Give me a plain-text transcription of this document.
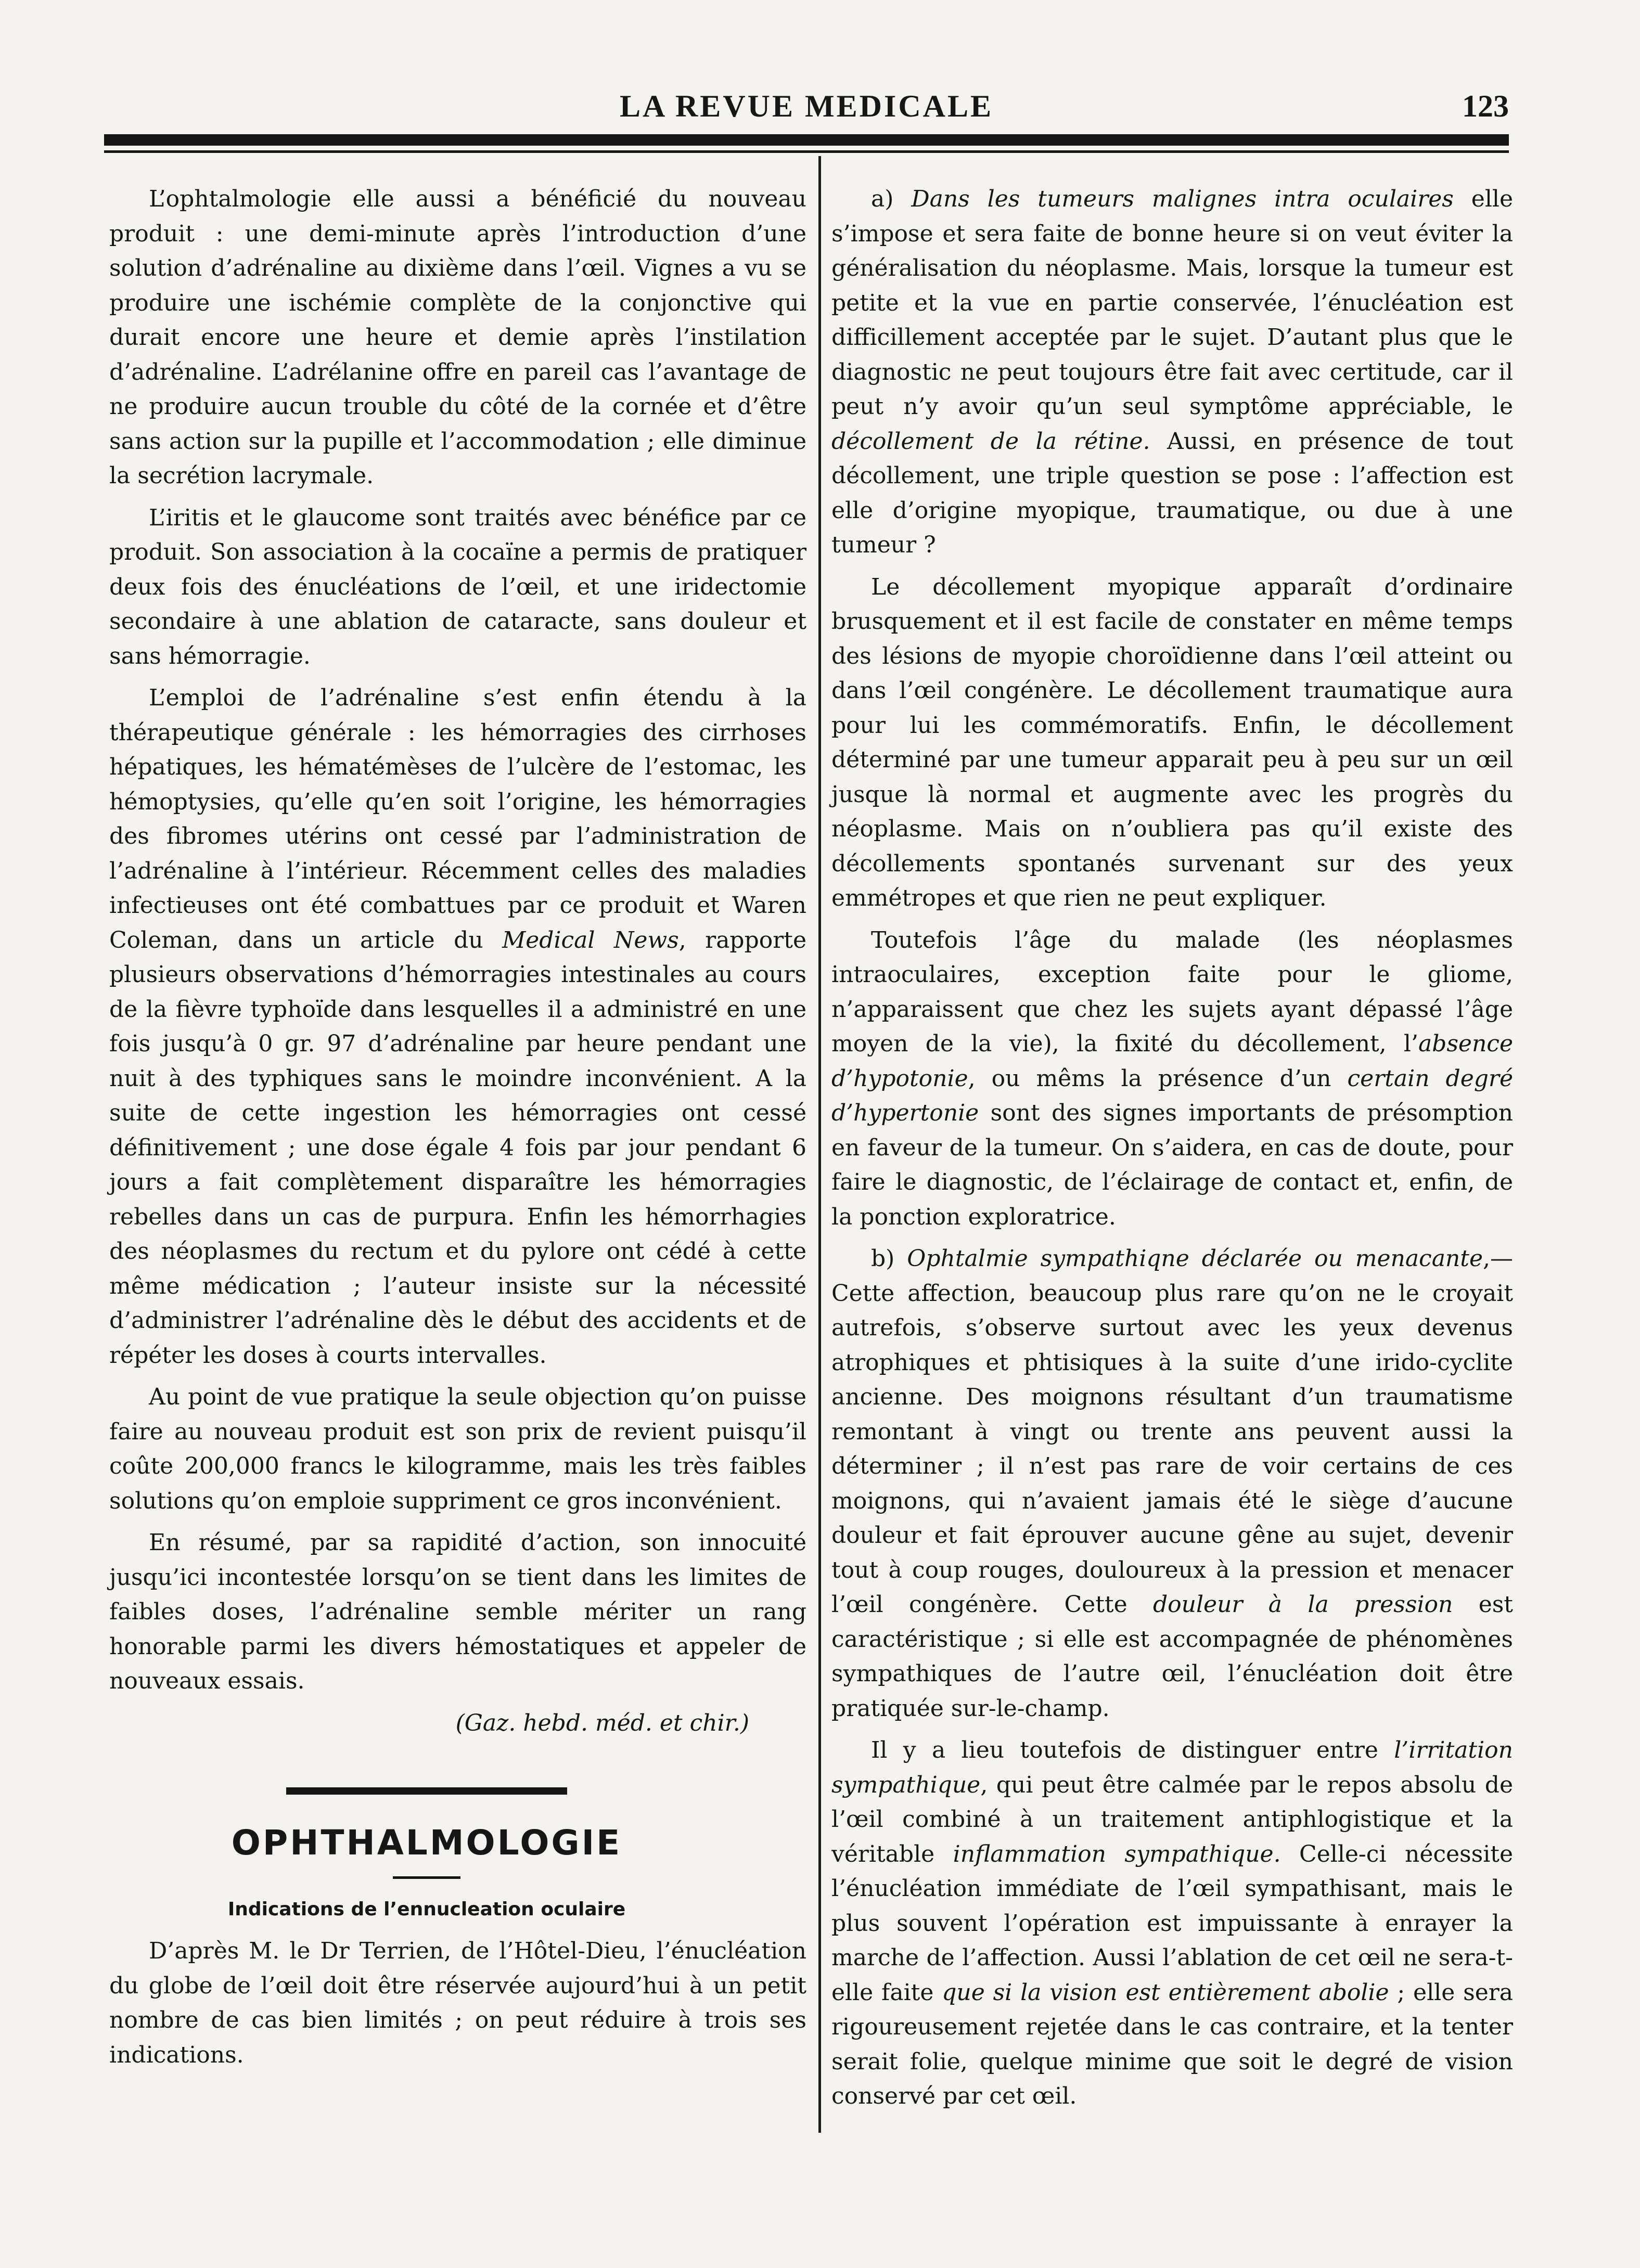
LA REVUE MEDICALE	123

L’ophtalmologie elle aussi a bénéficié du nouveau produit : une demi-minute après l’introduction d’une solution d’adrénaline au dixième dans l’œil. Vignes a vu se produire une ischémie complète de la conjonctive qui durait encore une heure et demie après l’instilation d’adrénaline. L’adrélanine offre en pareil cas l’avantage de ne produire aucun trouble du côté de la cornée et d’être sans action sur la pupille et l’accommodation ; elle diminue la secrétion lacrymale.

L’iritis et le glaucome sont traités avec bénéfice par ce produit. Son association à la cocaïne a permis de pratiquer deux fois des énucléations de l’œil, et une iridectomie secondaire à une ablation de cataracte, sans douleur et sans hémorragie.

L’emploi de l’adrénaline s’est enfin étendu à la thérapeutique générale : les hémorragies des cirrhoses hépatiques, les hématémèses de l’ulcère de l’estomac, les hémoptysies, qu’elle qu’en soit l’origine, les hémorragies des fibromes utérins ont cessé par l’administration de l’adrénaline à l’intérieur. Récemment celles des maladies infectieuses ont été combattues par ce produit et Waren Coleman, dans un article du Medical News, rapporte plusieurs observations d’hémorragies intestinales au cours de la fièvre typhoïde dans lesquelles il a administré en une fois jusqu’à 0 gr. 97 d’adrénaline par heure pendant une nuit à des typhiques sans le moindre inconvénient. A la suite de cette ingestion les hémorragies ont cessé définitivement ; une dose égale 4 fois par jour pendant 6 jours a fait complètement disparaître les hémorragies rebelles dans un cas de purpura. Enfin les hémorrhagies des néoplasmes du rectum et du pylore ont cédé à cette même médication ; l’auteur insiste sur la nécessité d’administrer l’adrénaline dès le début des accidents et de répéter les doses à courts intervalles.

Au point de vue pratique la seule objection qu’on puisse faire au nouveau produit est son prix de revient puisqu’il coûte 200,000 francs le kilogramme, mais les très faibles solutions qu’on emploie suppriment ce gros inconvénient.

En résumé, par sa rapidité d’action, son innocuité jusqu’ici incontestée lorsqu’on se tient dans les limites de faibles doses, l’adrénaline semble mériter un rang honorable parmi les divers hémostatiques et appeler de nouveaux essais.

(Gaz. hebd. méd. et chir.)
OPHTHALMOLOGIE
Indications de l’ennucleation oculaire

D’après M. le Dr Terrien, de l’Hôtel-Dieu, l’énucléation du globe de l’œil doit être réservée aujourd’hui à un petit nombre de cas bien limités ; on peut réduire à trois ses indications.

a) Dans les tumeurs malignes intra oculaires elle s’impose et sera faite de bonne heure si on veut éviter la généralisation du néoplasme. Mais, lorsque la tumeur est petite et la vue en partie conservée, l’énucléation est difficillement acceptée par le sujet. D’autant plus que le diagnostic ne peut toujours être fait avec certitude, car il peut n’y avoir qu’un seul symptôme appréciable, le décollement de la rétine. Aussi, en présence de tout décollement, une triple question se pose : l’affection est elle d’origine myopique, traumatique, ou due à une tumeur ?

Le décollement myopique apparaît d’ordinaire brusquement et il est facile de constater en même temps des lésions de myopie choroïdienne dans l’œil atteint ou dans l’œil congénère. Le décollement traumatique aura pour lui les commémoratifs. Enfin, le décollement déterminé par une tumeur apparait peu à peu sur un œil jusque là normal et augmente avec les progrès du néoplasme. Mais on n’oubliera pas qu’il existe des décollements spontanés survenant sur des yeux emmétropes et que rien ne peut expliquer.

Toutefois l’âge du malade (les néoplasmes intraoculaires, exception faite pour le gliome, n’apparaissent que chez les sujets ayant dépassé l’âge moyen de la vie), la fixité du décollement, l’absence d’hypotonie, ou mêms la présence d’un certain degré d’hypertonie sont des signes importants de présomption en faveur de la tumeur. On s’aidera, en cas de doute, pour faire le diagnostic, de l’éclairage de contact et, enfin, de la ponction exploratrice.

b) Ophtalmie sympathiqne déclarée ou menacante,— Cette affection, beaucoup plus rare qu’on ne le croyait autrefois, s’observe surtout avec les yeux devenus atrophiques et phtisiques à la suite d’une irido-cyclite ancienne. Des moignons résultant d’un traumatisme remontant à vingt ou trente ans peuvent aussi la déterminer ; il n’est pas rare de voir certains de ces moignons, qui n’avaient jamais été le siège d’aucune douleur et fait éprouver aucune gêne au sujet, devenir tout à coup rouges, douloureux à la pression et menacer l’œil congénère. Cette douleur à la pression est caractéristique ; si elle est accompagnée de phénomènes sympathiques de l’autre œil, l’énucléation doit être pratiquée sur-le-champ.

Il y a lieu toutefois de distinguer entre l’irritation sympathique, qui peut être calmée par le repos absolu de l’œil combiné à un traitement antiphlogistique et la véritable inflammation sympathique. Celle-ci nécessite l’énucléation immédiate de l’œil sympathisant, mais le plus souvent l’opération est impuissante à enrayer la marche de l’affection. Aussi l’ablation de cet œil ne sera-t-elle faite que si la vision est entièrement abolie ; elle sera rigoureusement rejetée dans le cas contraire, et la tenter serait folie, quelque minime que soit le degré de vision conservé par cet œil.
